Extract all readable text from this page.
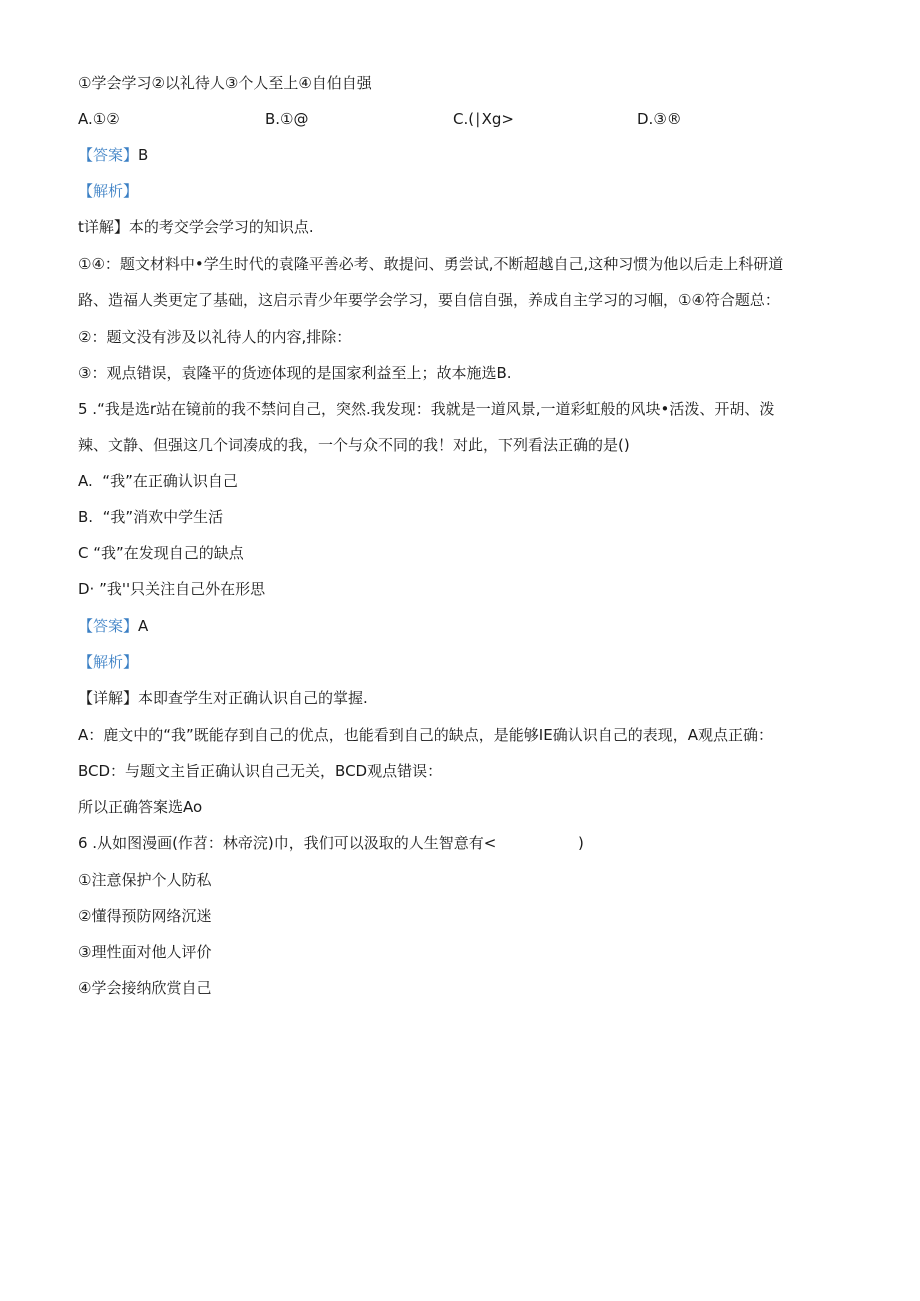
①学会学习②以礼待人③个人至上④自伯自强
A.①②	B.①@	C.(∣Xg>	D.③®
【答案】B
【解析】
t详解】本的考交学会学习的知识点.
①④：题文材料中•学生时代的袁隆平善必考、敢提问、勇尝试,不断超越自己,这种习惯为他以后走上科研道
路、造福人类更定了基础，这启示青少年要学会学习，要自信自强，养成自主学习的习帼，①④符合题总：
②：题文没有涉及以礼待人的内容,排除：
③：观点错误，袁隆平的货迹体现的是国家利益至上；故本施选B.
5 .“我是选r站在镜前的我不禁问自己，突然.我发现：我就是一道风景,一道彩虹般的风块•活泼、开胡、泼
辣、文静、但强这几个词凑成的我，一个与众不同的我！对此，下列看法正确的是()
A.  “我”在正确认识自己
B.  “我”消欢中学生活
C “我”在发现自己的缺点
D· ”我''只关注自己外在形思
【答案】A
【解析】
【详解】本即查学生对正确认识自己的掌握.
A：鹿文中的“我”既能存到自己的优点，也能看到自己的缺点，是能够IE确认识自己的表现，A观点正确：
BCD：与题文主旨正确认识自己无关，BCD观点错误：
所以正确答案选Ao
6 .从如图漫画(作苕：林帝浣)巾，我们可以汲取的人生智意有<	)
①注意保护个人防私
②懂得预防网络沉迷
③理性面对他人评价
④学会接纳欣赏自己
